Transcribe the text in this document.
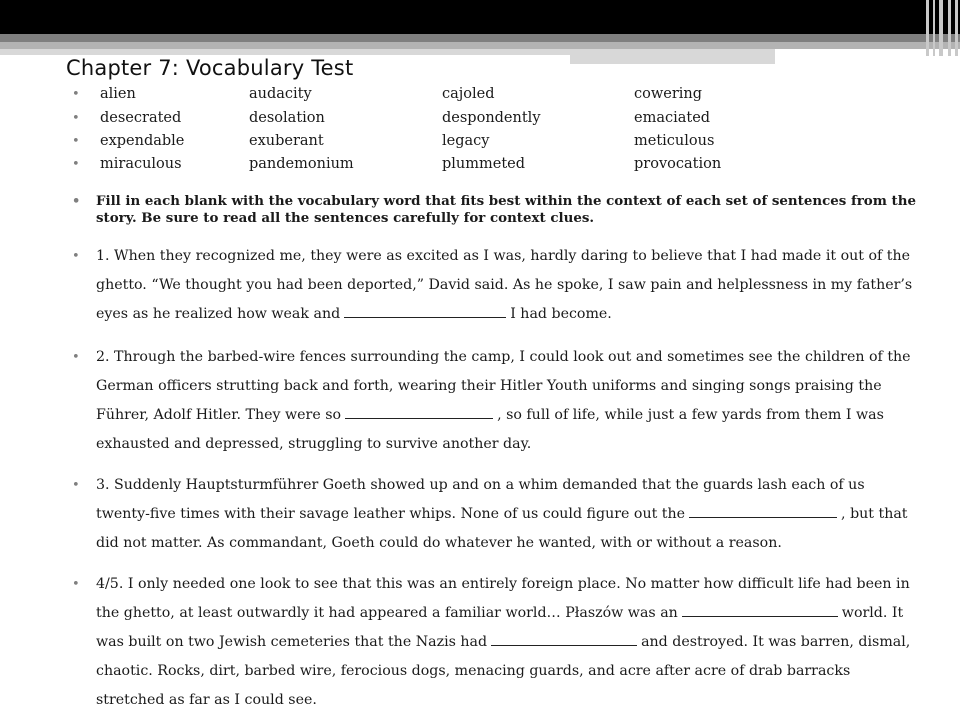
Chapter 7: Vocabulary Test
• alien	audacity	cajoled	cowering
• desecrated	desolation	despondently	emaciated
• expendable	exuberant	legacy	meticulous
• miraculous	pandemonium	plummeted	provocation
• Fill in each blank with the vocabulary word that fits best within the context of each set of sentences from the story. Be sure to read all the sentences carefully for context clues.
• 1. When they recognized me, they were as excited as I was, hardly daring to believe that I had made it out of the ghetto. “We thought you had been deported,” David said. As he spoke, I saw pain and helplessness in my father’s eyes as he realized how weak and	I had become.
• 2. Through the barbed-wire fences surrounding the camp, I could look out and sometimes see the children of the German officers strutting back and forth, wearing their Hitler Youth uniforms and singing songs praising the Führer, Adolf Hitler. They were so	, so full of life, while just a few yards from them I was exhausted and depressed, struggling to survive another day.
• 3. Suddenly Hauptsturmführer Goeth showed up and on a whim demanded that the guards lash each of us twenty-five times with their savage leather whips. None of us could figure out the	, but that did not matter. As commandant, Goeth could do whatever he wanted, with or without a reason.
• 4/5. I only needed one look to see that this was an entirely foreign place. No matter how difficult life had been in the ghetto, at least outwardly it had appeared a familiar world… Płaszów was an	world. It was built on two Jewish cemeteries that the Nazis had	and destroyed. It was barren, dismal, chaotic. Rocks, dirt, barbed wire, ferocious dogs, menacing guards, and acre after acre of drab barracks stretched as far as I could see.
